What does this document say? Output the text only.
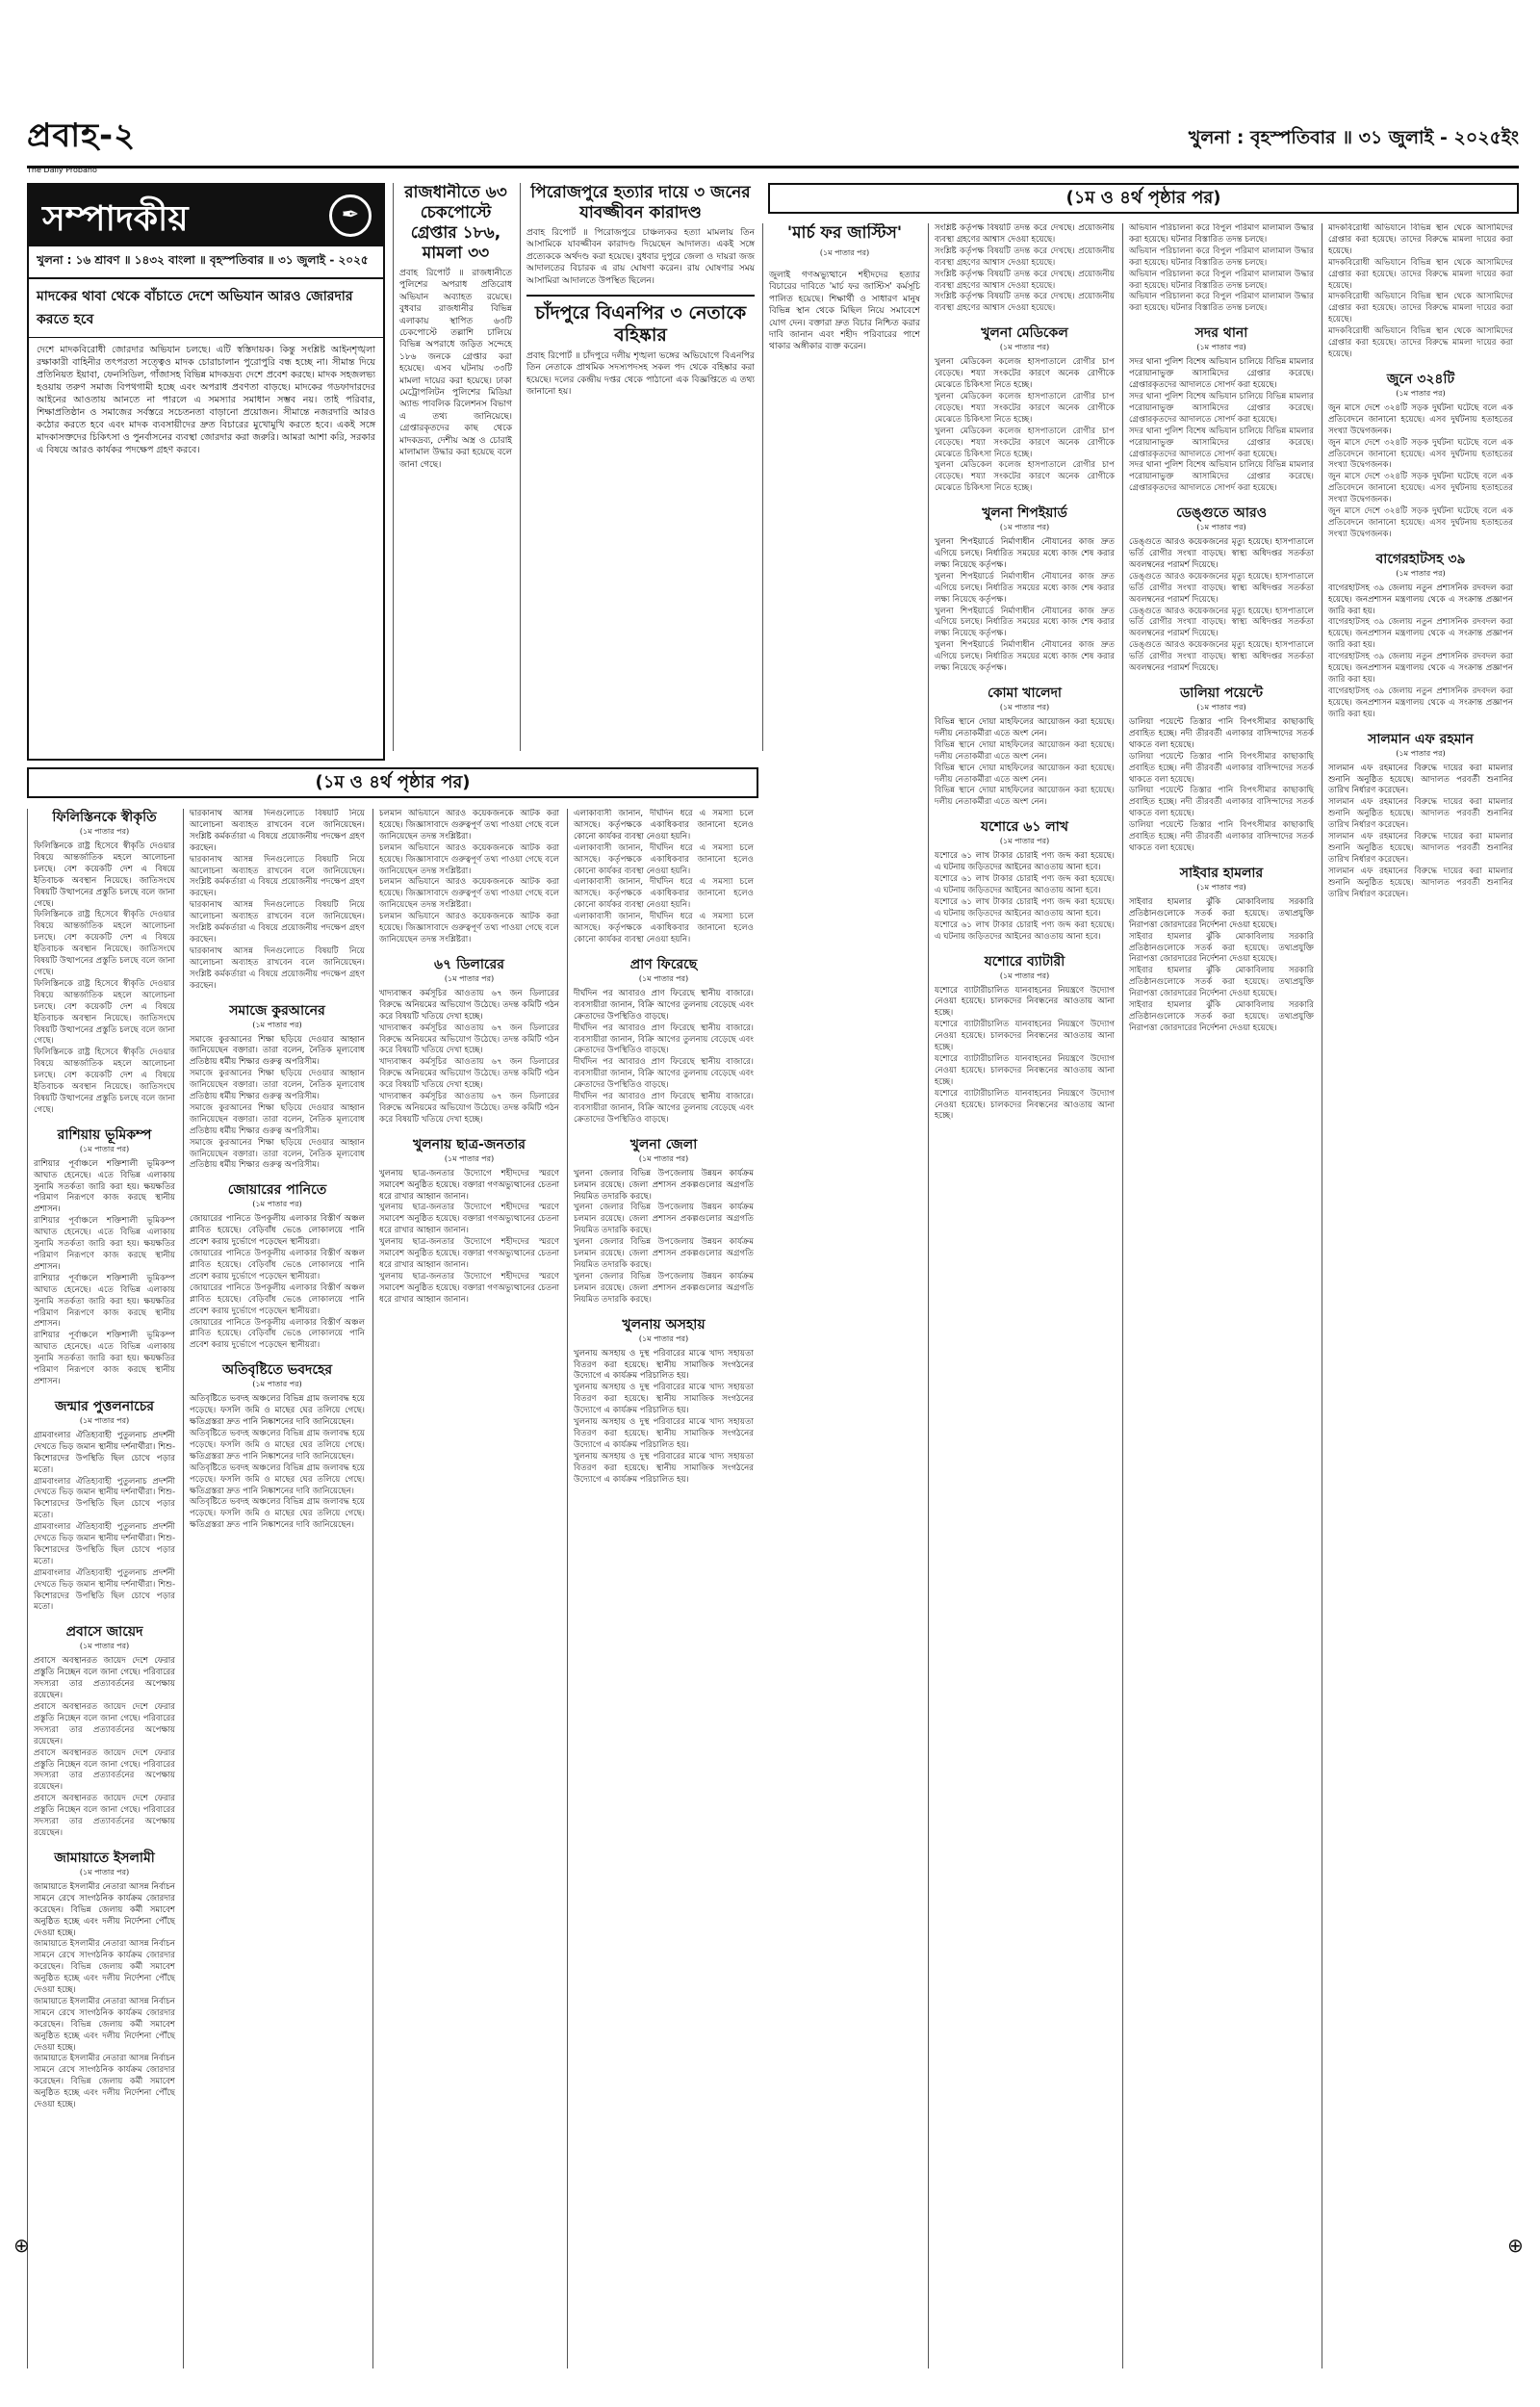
প্রবাহ-২
The Daily Probaho
খুলনা : বৃহস্পতিবার ॥ ৩১ জুলাই - ২০২৫ইং
সম্পাদকীয়	✒
খুলনা : ১৬ শ্রাবণ ॥ ১৪৩২ বাংলা ॥ বৃহস্পতিবার ॥ ৩১ জুলাই - ২০২৫
মাদকের থাবা থেকে বাঁচাতে দেশে অভিযান আরও জোরদার করতে হবে
দেশে মাদকবিরোধী জোরদার অভিযান চলছে। এটি স্বস্তিদায়ক। কিন্তু সংশ্লিষ্ট আইনশৃঙ্খলা রক্ষাকারী বাহিনীর তৎপরতা সত্ত্বেও মাদক চোরাচালান পুরোপুরি বন্ধ হচ্ছে না। সীমান্ত দিয়ে প্রতিনিয়ত ইয়াবা, ফেনসিডিল, গাঁজাসহ বিভিন্ন মাদকদ্রব্য দেশে প্রবেশ করছে। মাদক সহজলভ্য হওয়ায় তরুণ সমাজ বিপথগামী হচ্ছে এবং অপরাধ প্রবণতা বাড়ছে। মাদকের গডফাদারদের আইনের আওতায় আনতে না পারলে এ সমস্যার সমাধান সম্ভব নয়। তাই পরিবার, শিক্ষাপ্রতিষ্ঠান ও সমাজের সর্বস্তরে সচেতনতা বাড়ানো প্রয়োজন। সীমান্তে নজরদারি আরও কঠোর করতে হবে এবং মাদক ব্যবসায়ীদের দ্রুত বিচারের মুখোমুখি করতে হবে। একই সঙ্গে মাদকাসক্তদের চিকিৎসা ও পুনর্বাসনের ব্যবস্থা জোরদার করা জরুরি। আমরা আশা করি, সরকার এ বিষয়ে আরও কার্যকর পদক্ষেপ গ্রহণ করবে।
রাজধানীতে ৬৩ চেকপোস্টে গ্রেপ্তার ১৮৬, মামলা ৩৩

প্রবাহ রিপোর্ট ॥ রাজধানীতে পুলিশের অপরাধ প্রতিরোধ অভিযান অব্যাহত রয়েছে। বুধবার রাজধানীর বিভিন্ন এলাকায় স্থাপিত ৬৩টি চেকপোস্টে তল্লাশি চালিয়ে বিভিন্ন অপরাধে জড়িত সন্দেহে ১৮৬ জনকে গ্রেপ্তার করা হয়েছে। এসব ঘটনায় ৩৩টি মামলা দায়ের করা হয়েছে। ঢাকা মেট্রোপলিটন পুলিশের মিডিয়া অ্যান্ড পাবলিক রিলেশনস বিভাগ এ তথ্য জানিয়েছে। গ্রেপ্তারকৃতদের কাছ থেকে মাদকদ্রব্য, দেশীয় অস্ত্র ও চোরাই মালামাল উদ্ধার করা হয়েছে বলে জানা গেছে।

পিরোজপুরে হত্যার দায়ে ৩ জনের যাবজ্জীবন কারাদণ্ড

প্রবাহ রিপোর্ট ॥ পিরোজপুরে চাঞ্চল্যকর হত্যা মামলায় তিন আসামিকে যাবজ্জীবন কারাদণ্ড দিয়েছেন আদালত। একই সঙ্গে প্রত্যেককে অর্থদণ্ড করা হয়েছে। বুধবার দুপুরে জেলা ও দায়রা জজ আদালতের বিচারক এ রায় ঘোষণা করেন। রায় ঘোষণার সময় আসামিরা আদালতে উপস্থিত ছিলেন।

চাঁদপুরে বিএনপির ৩ নেতাকে বহিষ্কার

প্রবাহ রিপোর্ট ॥ চাঁদপুরে দলীয় শৃঙ্খলা ভঙ্গের অভিযোগে বিএনপির তিন নেতাকে প্রাথমিক সদস্যপদসহ সকল পদ থেকে বহিষ্কার করা হয়েছে। দলের কেন্দ্রীয় দপ্তর থেকে পাঠানো এক বিজ্ঞপ্তিতে এ তথ্য জানানো হয়।

'মার্চ ফর জাস্টিস'
(১ম পাতার পর)

জুলাই গণঅভ্যুত্থানে শহীদদের হত্যার বিচারের দাবিতে 'মার্চ ফর জাস্টিস' কর্মসূচি পালিত হয়েছে। শিক্ষার্থী ও সাধারণ মানুষ বিভিন্ন স্থান থেকে মিছিল নিয়ে সমাবেশে যোগ দেন। বক্তারা দ্রুত বিচার নিশ্চিত করার দাবি জানান এবং শহীদ পরিবারের পাশে থাকার অঙ্গীকার ব্যক্ত করেন।

(১ম ও ৪র্থ পৃষ্ঠার পর)
(১ম ও ৪র্থ পৃষ্ঠার পর)
ফিলিস্তিনকে স্বীকৃতি
(১ম পাতার পর)

ফিলিস্তিনকে রাষ্ট্র হিসেবে স্বীকৃতি দেওয়ার বিষয়ে আন্তর্জাতিক মহলে আলোচনা চলছে। বেশ কয়েকটি দেশ এ বিষয়ে ইতিবাচক অবস্থান নিয়েছে। জাতিসংঘে বিষয়টি উত্থাপনের প্রস্তুতি চলছে বলে জানা গেছে।

ফিলিস্তিনকে রাষ্ট্র হিসেবে স্বীকৃতি দেওয়ার বিষয়ে আন্তর্জাতিক মহলে আলোচনা চলছে। বেশ কয়েকটি দেশ এ বিষয়ে ইতিবাচক অবস্থান নিয়েছে। জাতিসংঘে বিষয়টি উত্থাপনের প্রস্তুতি চলছে বলে জানা গেছে।

ফিলিস্তিনকে রাষ্ট্র হিসেবে স্বীকৃতি দেওয়ার বিষয়ে আন্তর্জাতিক মহলে আলোচনা চলছে। বেশ কয়েকটি দেশ এ বিষয়ে ইতিবাচক অবস্থান নিয়েছে। জাতিসংঘে বিষয়টি উত্থাপনের প্রস্তুতি চলছে বলে জানা গেছে।

ফিলিস্তিনকে রাষ্ট্র হিসেবে স্বীকৃতি দেওয়ার বিষয়ে আন্তর্জাতিক মহলে আলোচনা চলছে। বেশ কয়েকটি দেশ এ বিষয়ে ইতিবাচক অবস্থান নিয়েছে। জাতিসংঘে বিষয়টি উত্থাপনের প্রস্তুতি চলছে বলে জানা গেছে।

রাশিয়ায় ভূমিকম্প
(১ম পাতার পর)

রাশিয়ার পূর্বাঞ্চলে শক্তিশালী ভূমিকম্প আঘাত হেনেছে। এতে বিভিন্ন এলাকায় সুনামি সতর্কতা জারি করা হয়। ক্ষয়ক্ষতির পরিমাণ নিরূপণে কাজ করছে স্থানীয় প্রশাসন।

রাশিয়ার পূর্বাঞ্চলে শক্তিশালী ভূমিকম্প আঘাত হেনেছে। এতে বিভিন্ন এলাকায় সুনামি সতর্কতা জারি করা হয়। ক্ষয়ক্ষতির পরিমাণ নিরূপণে কাজ করছে স্থানীয় প্রশাসন।

রাশিয়ার পূর্বাঞ্চলে শক্তিশালী ভূমিকম্প আঘাত হেনেছে। এতে বিভিন্ন এলাকায় সুনামি সতর্কতা জারি করা হয়। ক্ষয়ক্ষতির পরিমাণ নিরূপণে কাজ করছে স্থানীয় প্রশাসন।

রাশিয়ার পূর্বাঞ্চলে শক্তিশালী ভূমিকম্প আঘাত হেনেছে। এতে বিভিন্ন এলাকায় সুনামি সতর্কতা জারি করা হয়। ক্ষয়ক্ষতির পরিমাণ নিরূপণে কাজ করছে স্থানীয় প্রশাসন।

জন্মার পুত্তলনাচের
(১ম পাতার পর)

গ্রামবাংলার ঐতিহ্যবাহী পুতুলনাচ প্রদর্শনী দেখতে ভিড় জমান স্থানীয় দর্শনার্থীরা। শিশু-কিশোরদের উপস্থিতি ছিল চোখে পড়ার মতো।

গ্রামবাংলার ঐতিহ্যবাহী পুতুলনাচ প্রদর্শনী দেখতে ভিড় জমান স্থানীয় দর্শনার্থীরা। শিশু-কিশোরদের উপস্থিতি ছিল চোখে পড়ার মতো।

গ্রামবাংলার ঐতিহ্যবাহী পুতুলনাচ প্রদর্শনী দেখতে ভিড় জমান স্থানীয় দর্শনার্থীরা। শিশু-কিশোরদের উপস্থিতি ছিল চোখে পড়ার মতো।

গ্রামবাংলার ঐতিহ্যবাহী পুতুলনাচ প্রদর্শনী দেখতে ভিড় জমান স্থানীয় দর্শনার্থীরা। শিশু-কিশোরদের উপস্থিতি ছিল চোখে পড়ার মতো।

প্রবাসে জায়েদ
(১ম পাতার পর)

প্রবাসে অবস্থানরত জায়েদ দেশে ফেরার প্রস্তুতি নিচ্ছেন বলে জানা গেছে। পরিবারের সদস্যরা তার প্রত্যাবর্তনের অপেক্ষায় রয়েছেন।

প্রবাসে অবস্থানরত জায়েদ দেশে ফেরার প্রস্তুতি নিচ্ছেন বলে জানা গেছে। পরিবারের সদস্যরা তার প্রত্যাবর্তনের অপেক্ষায় রয়েছেন।

প্রবাসে অবস্থানরত জায়েদ দেশে ফেরার প্রস্তুতি নিচ্ছেন বলে জানা গেছে। পরিবারের সদস্যরা তার প্রত্যাবর্তনের অপেক্ষায় রয়েছেন।

প্রবাসে অবস্থানরত জায়েদ দেশে ফেরার প্রস্তুতি নিচ্ছেন বলে জানা গেছে। পরিবারের সদস্যরা তার প্রত্যাবর্তনের অপেক্ষায় রয়েছেন।

জামায়াতে ইসলামী
(১ম পাতার পর)

জামায়াতে ইসলামীর নেতারা আসন্ন নির্বাচন সামনে রেখে সাংগঠনিক কার্যক্রম জোরদার করেছেন। বিভিন্ন জেলায় কর্মী সমাবেশ অনুষ্ঠিত হচ্ছে এবং দলীয় নির্দেশনা পৌঁছে দেওয়া হচ্ছে।

জামায়াতে ইসলামীর নেতারা আসন্ন নির্বাচন সামনে রেখে সাংগঠনিক কার্যক্রম জোরদার করেছেন। বিভিন্ন জেলায় কর্মী সমাবেশ অনুষ্ঠিত হচ্ছে এবং দলীয় নির্দেশনা পৌঁছে দেওয়া হচ্ছে।

জামায়াতে ইসলামীর নেতারা আসন্ন নির্বাচন সামনে রেখে সাংগঠনিক কার্যক্রম জোরদার করেছেন। বিভিন্ন জেলায় কর্মী সমাবেশ অনুষ্ঠিত হচ্ছে এবং দলীয় নির্দেশনা পৌঁছে দেওয়া হচ্ছে।

জামায়াতে ইসলামীর নেতারা আসন্ন নির্বাচন সামনে রেখে সাংগঠনিক কার্যক্রম জোরদার করেছেন। বিভিন্ন জেলায় কর্মী সমাবেশ অনুষ্ঠিত হচ্ছে এবং দলীয় নির্দেশনা পৌঁছে দেওয়া হচ্ছে।

দ্বারকানাথ আসন্ন দিনগুলোতে বিষয়টি নিয়ে আলোচনা অব্যাহত রাখবেন বলে জানিয়েছেন। সংশ্লিষ্ট কর্মকর্তারা এ বিষয়ে প্রয়োজনীয় পদক্ষেপ গ্রহণ করছেন।

দ্বারকানাথ আসন্ন দিনগুলোতে বিষয়টি নিয়ে আলোচনা অব্যাহত রাখবেন বলে জানিয়েছেন। সংশ্লিষ্ট কর্মকর্তারা এ বিষয়ে প্রয়োজনীয় পদক্ষেপ গ্রহণ করছেন।

দ্বারকানাথ আসন্ন দিনগুলোতে বিষয়টি নিয়ে আলোচনা অব্যাহত রাখবেন বলে জানিয়েছেন। সংশ্লিষ্ট কর্মকর্তারা এ বিষয়ে প্রয়োজনীয় পদক্ষেপ গ্রহণ করছেন।

দ্বারকানাথ আসন্ন দিনগুলোতে বিষয়টি নিয়ে আলোচনা অব্যাহত রাখবেন বলে জানিয়েছেন। সংশ্লিষ্ট কর্মকর্তারা এ বিষয়ে প্রয়োজনীয় পদক্ষেপ গ্রহণ করছেন।

সমাজে কুরআনের
(১ম পাতার পর)

সমাজে কুরআনের শিক্ষা ছড়িয়ে দেওয়ার আহ্বান জানিয়েছেন বক্তারা। তারা বলেন, নৈতিক মূল্যবোধ প্রতিষ্ঠায় ধর্মীয় শিক্ষার গুরুত্ব অপরিসীম।

সমাজে কুরআনের শিক্ষা ছড়িয়ে দেওয়ার আহ্বান জানিয়েছেন বক্তারা। তারা বলেন, নৈতিক মূল্যবোধ প্রতিষ্ঠায় ধর্মীয় শিক্ষার গুরুত্ব অপরিসীম।

সমাজে কুরআনের শিক্ষা ছড়িয়ে দেওয়ার আহ্বান জানিয়েছেন বক্তারা। তারা বলেন, নৈতিক মূল্যবোধ প্রতিষ্ঠায় ধর্মীয় শিক্ষার গুরুত্ব অপরিসীম।

সমাজে কুরআনের শিক্ষা ছড়িয়ে দেওয়ার আহ্বান জানিয়েছেন বক্তারা। তারা বলেন, নৈতিক মূল্যবোধ প্রতিষ্ঠায় ধর্মীয় শিক্ষার গুরুত্ব অপরিসীম।

জোয়ারের পানিতে
(১ম পাতার পর)

জোয়ারের পানিতে উপকূলীয় এলাকার বিস্তীর্ণ অঞ্চল প্লাবিত হয়েছে। বেড়িবাঁধ ভেঙে লোকালয়ে পানি প্রবেশ করায় দুর্ভোগে পড়েছেন স্থানীয়রা।

জোয়ারের পানিতে উপকূলীয় এলাকার বিস্তীর্ণ অঞ্চল প্লাবিত হয়েছে। বেড়িবাঁধ ভেঙে লোকালয়ে পানি প্রবেশ করায় দুর্ভোগে পড়েছেন স্থানীয়রা।

জোয়ারের পানিতে উপকূলীয় এলাকার বিস্তীর্ণ অঞ্চল প্লাবিত হয়েছে। বেড়িবাঁধ ভেঙে লোকালয়ে পানি প্রবেশ করায় দুর্ভোগে পড়েছেন স্থানীয়রা।

জোয়ারের পানিতে উপকূলীয় এলাকার বিস্তীর্ণ অঞ্চল প্লাবিত হয়েছে। বেড়িবাঁধ ভেঙে লোকালয়ে পানি প্রবেশ করায় দুর্ভোগে পড়েছেন স্থানীয়রা।

অতিবৃষ্টিতে ভবদহের
(১ম পাতার পর)

অতিবৃষ্টিতে ভবদহ অঞ্চলের বিভিন্ন গ্রাম জলাবদ্ধ হয়ে পড়েছে। ফসলি জমি ও মাছের ঘের তলিয়ে গেছে। ক্ষতিগ্রস্তরা দ্রুত পানি নিষ্কাশনের দাবি জানিয়েছেন।

অতিবৃষ্টিতে ভবদহ অঞ্চলের বিভিন্ন গ্রাম জলাবদ্ধ হয়ে পড়েছে। ফসলি জমি ও মাছের ঘের তলিয়ে গেছে। ক্ষতিগ্রস্তরা দ্রুত পানি নিষ্কাশনের দাবি জানিয়েছেন।

অতিবৃষ্টিতে ভবদহ অঞ্চলের বিভিন্ন গ্রাম জলাবদ্ধ হয়ে পড়েছে। ফসলি জমি ও মাছের ঘের তলিয়ে গেছে। ক্ষতিগ্রস্তরা দ্রুত পানি নিষ্কাশনের দাবি জানিয়েছেন।

অতিবৃষ্টিতে ভবদহ অঞ্চলের বিভিন্ন গ্রাম জলাবদ্ধ হয়ে পড়েছে। ফসলি জমি ও মাছের ঘের তলিয়ে গেছে। ক্ষতিগ্রস্তরা দ্রুত পানি নিষ্কাশনের দাবি জানিয়েছেন।

চলমান অভিযানে আরও কয়েকজনকে আটক করা হয়েছে। জিজ্ঞাসাবাদে গুরুত্বপূর্ণ তথ্য পাওয়া গেছে বলে জানিয়েছেন তদন্ত সংশ্লিষ্টরা।

চলমান অভিযানে আরও কয়েকজনকে আটক করা হয়েছে। জিজ্ঞাসাবাদে গুরুত্বপূর্ণ তথ্য পাওয়া গেছে বলে জানিয়েছেন তদন্ত সংশ্লিষ্টরা।

চলমান অভিযানে আরও কয়েকজনকে আটক করা হয়েছে। জিজ্ঞাসাবাদে গুরুত্বপূর্ণ তথ্য পাওয়া গেছে বলে জানিয়েছেন তদন্ত সংশ্লিষ্টরা।

চলমান অভিযানে আরও কয়েকজনকে আটক করা হয়েছে। জিজ্ঞাসাবাদে গুরুত্বপূর্ণ তথ্য পাওয়া গেছে বলে জানিয়েছেন তদন্ত সংশ্লিষ্টরা।

৬৭ ডিলারের
(১ম পাতার পর)

খাদ্যবান্ধব কর্মসূচির আওতায় ৬৭ জন ডিলারের বিরুদ্ধে অনিয়মের অভিযোগ উঠেছে। তদন্ত কমিটি গঠন করে বিষয়টি খতিয়ে দেখা হচ্ছে।

খাদ্যবান্ধব কর্মসূচির আওতায় ৬৭ জন ডিলারের বিরুদ্ধে অনিয়মের অভিযোগ উঠেছে। তদন্ত কমিটি গঠন করে বিষয়টি খতিয়ে দেখা হচ্ছে।

খাদ্যবান্ধব কর্মসূচির আওতায় ৬৭ জন ডিলারের বিরুদ্ধে অনিয়মের অভিযোগ উঠেছে। তদন্ত কমিটি গঠন করে বিষয়টি খতিয়ে দেখা হচ্ছে।

খাদ্যবান্ধব কর্মসূচির আওতায় ৬৭ জন ডিলারের বিরুদ্ধে অনিয়মের অভিযোগ উঠেছে। তদন্ত কমিটি গঠন করে বিষয়টি খতিয়ে দেখা হচ্ছে।

খুলনায় ছাত্র-জনতার
(১ম পাতার পর)

খুলনায় ছাত্র-জনতার উদ্যোগে শহীদদের স্মরণে সমাবেশ অনুষ্ঠিত হয়েছে। বক্তারা গণঅভ্যুত্থানের চেতনা ধরে রাখার আহ্বান জানান।

খুলনায় ছাত্র-জনতার উদ্যোগে শহীদদের স্মরণে সমাবেশ অনুষ্ঠিত হয়েছে। বক্তারা গণঅভ্যুত্থানের চেতনা ধরে রাখার আহ্বান জানান।

খুলনায় ছাত্র-জনতার উদ্যোগে শহীদদের স্মরণে সমাবেশ অনুষ্ঠিত হয়েছে। বক্তারা গণঅভ্যুত্থানের চেতনা ধরে রাখার আহ্বান জানান।

খুলনায় ছাত্র-জনতার উদ্যোগে শহীদদের স্মরণে সমাবেশ অনুষ্ঠিত হয়েছে। বক্তারা গণঅভ্যুত্থানের চেতনা ধরে রাখার আহ্বান জানান।

এলাকাবাসী জানান, দীর্ঘদিন ধরে এ সমস্যা চলে আসছে। কর্তৃপক্ষকে একাধিকবার জানানো হলেও কোনো কার্যকর ব্যবস্থা নেওয়া হয়নি।

এলাকাবাসী জানান, দীর্ঘদিন ধরে এ সমস্যা চলে আসছে। কর্তৃপক্ষকে একাধিকবার জানানো হলেও কোনো কার্যকর ব্যবস্থা নেওয়া হয়নি।

এলাকাবাসী জানান, দীর্ঘদিন ধরে এ সমস্যা চলে আসছে। কর্তৃপক্ষকে একাধিকবার জানানো হলেও কোনো কার্যকর ব্যবস্থা নেওয়া হয়নি।

এলাকাবাসী জানান, দীর্ঘদিন ধরে এ সমস্যা চলে আসছে। কর্তৃপক্ষকে একাধিকবার জানানো হলেও কোনো কার্যকর ব্যবস্থা নেওয়া হয়নি।

প্রাণ ফিরেছে
(১ম পাতার পর)

দীর্ঘদিন পর আবারও প্রাণ ফিরেছে স্থানীয় বাজারে। ব্যবসায়ীরা জানান, বিক্রি আগের তুলনায় বেড়েছে এবং ক্রেতাদের উপস্থিতিও বাড়ছে।

দীর্ঘদিন পর আবারও প্রাণ ফিরেছে স্থানীয় বাজারে। ব্যবসায়ীরা জানান, বিক্রি আগের তুলনায় বেড়েছে এবং ক্রেতাদের উপস্থিতিও বাড়ছে।

দীর্ঘদিন পর আবারও প্রাণ ফিরেছে স্থানীয় বাজারে। ব্যবসায়ীরা জানান, বিক্রি আগের তুলনায় বেড়েছে এবং ক্রেতাদের উপস্থিতিও বাড়ছে।

দীর্ঘদিন পর আবারও প্রাণ ফিরেছে স্থানীয় বাজারে। ব্যবসায়ীরা জানান, বিক্রি আগের তুলনায় বেড়েছে এবং ক্রেতাদের উপস্থিতিও বাড়ছে।

খুলনা জেলা
(১ম পাতার পর)

খুলনা জেলার বিভিন্ন উপজেলায় উন্নয়ন কার্যক্রম চলমান রয়েছে। জেলা প্রশাসন প্রকল্পগুলোর অগ্রগতি নিয়মিত তদারকি করছে।

খুলনা জেলার বিভিন্ন উপজেলায় উন্নয়ন কার্যক্রম চলমান রয়েছে। জেলা প্রশাসন প্রকল্পগুলোর অগ্রগতি নিয়মিত তদারকি করছে।

খুলনা জেলার বিভিন্ন উপজেলায় উন্নয়ন কার্যক্রম চলমান রয়েছে। জেলা প্রশাসন প্রকল্পগুলোর অগ্রগতি নিয়মিত তদারকি করছে।

খুলনা জেলার বিভিন্ন উপজেলায় উন্নয়ন কার্যক্রম চলমান রয়েছে। জেলা প্রশাসন প্রকল্পগুলোর অগ্রগতি নিয়মিত তদারকি করছে।

খুলনায় অসহায়
(১ম পাতার পর)

খুলনায় অসহায় ও দুস্থ পরিবারের মাঝে খাদ্য সহায়তা বিতরণ করা হয়েছে। স্থানীয় সামাজিক সংগঠনের উদ্যোগে এ কার্যক্রম পরিচালিত হয়।

খুলনায় অসহায় ও দুস্থ পরিবারের মাঝে খাদ্য সহায়তা বিতরণ করা হয়েছে। স্থানীয় সামাজিক সংগঠনের উদ্যোগে এ কার্যক্রম পরিচালিত হয়।

খুলনায় অসহায় ও দুস্থ পরিবারের মাঝে খাদ্য সহায়তা বিতরণ করা হয়েছে। স্থানীয় সামাজিক সংগঠনের উদ্যোগে এ কার্যক্রম পরিচালিত হয়।

খুলনায় অসহায় ও দুস্থ পরিবারের মাঝে খাদ্য সহায়তা বিতরণ করা হয়েছে। স্থানীয় সামাজিক সংগঠনের উদ্যোগে এ কার্যক্রম পরিচালিত হয়।

সংশ্লিষ্ট কর্তৃপক্ষ বিষয়টি তদন্ত করে দেখছে। প্রয়োজনীয় ব্যবস্থা গ্রহণের আশ্বাস দেওয়া হয়েছে।

সংশ্লিষ্ট কর্তৃপক্ষ বিষয়টি তদন্ত করে দেখছে। প্রয়োজনীয় ব্যবস্থা গ্রহণের আশ্বাস দেওয়া হয়েছে।

সংশ্লিষ্ট কর্তৃপক্ষ বিষয়টি তদন্ত করে দেখছে। প্রয়োজনীয় ব্যবস্থা গ্রহণের আশ্বাস দেওয়া হয়েছে।

সংশ্লিষ্ট কর্তৃপক্ষ বিষয়টি তদন্ত করে দেখছে। প্রয়োজনীয় ব্যবস্থা গ্রহণের আশ্বাস দেওয়া হয়েছে।

খুলনা মেডিকেল
(১ম পাতার পর)

খুলনা মেডিকেল কলেজ হাসপাতালে রোগীর চাপ বেড়েছে। শয্যা সংকটের কারণে অনেক রোগীকে মেঝেতে চিকিৎসা নিতে হচ্ছে।

খুলনা মেডিকেল কলেজ হাসপাতালে রোগীর চাপ বেড়েছে। শয্যা সংকটের কারণে অনেক রোগীকে মেঝেতে চিকিৎসা নিতে হচ্ছে।

খুলনা মেডিকেল কলেজ হাসপাতালে রোগীর চাপ বেড়েছে। শয্যা সংকটের কারণে অনেক রোগীকে মেঝেতে চিকিৎসা নিতে হচ্ছে।

খুলনা মেডিকেল কলেজ হাসপাতালে রোগীর চাপ বেড়েছে। শয্যা সংকটের কারণে অনেক রোগীকে মেঝেতে চিকিৎসা নিতে হচ্ছে।

খুলনা শিপইয়ার্ড
(১ম পাতার পর)

খুলনা শিপইয়ার্ডে নির্মাণাধীন নৌযানের কাজ দ্রুত এগিয়ে চলছে। নির্ধারিত সময়ের মধ্যে কাজ শেষ করার লক্ষ্য নিয়েছে কর্তৃপক্ষ।

খুলনা শিপইয়ার্ডে নির্মাণাধীন নৌযানের কাজ দ্রুত এগিয়ে চলছে। নির্ধারিত সময়ের মধ্যে কাজ শেষ করার লক্ষ্য নিয়েছে কর্তৃপক্ষ।

খুলনা শিপইয়ার্ডে নির্মাণাধীন নৌযানের কাজ দ্রুত এগিয়ে চলছে। নির্ধারিত সময়ের মধ্যে কাজ শেষ করার লক্ষ্য নিয়েছে কর্তৃপক্ষ।

খুলনা শিপইয়ার্ডে নির্মাণাধীন নৌযানের কাজ দ্রুত এগিয়ে চলছে। নির্ধারিত সময়ের মধ্যে কাজ শেষ করার লক্ষ্য নিয়েছে কর্তৃপক্ষ।

কোমা খালেদা
(১ম পাতার পর)

বিভিন্ন স্থানে দোয়া মাহফিলের আয়োজন করা হয়েছে। দলীয় নেতাকর্মীরা এতে অংশ নেন।

বিভিন্ন স্থানে দোয়া মাহফিলের আয়োজন করা হয়েছে। দলীয় নেতাকর্মীরা এতে অংশ নেন।

বিভিন্ন স্থানে দোয়া মাহফিলের আয়োজন করা হয়েছে। দলীয় নেতাকর্মীরা এতে অংশ নেন।

বিভিন্ন স্থানে দোয়া মাহফিলের আয়োজন করা হয়েছে। দলীয় নেতাকর্মীরা এতে অংশ নেন।

যশোরে ৬১ লাখ
(১ম পাতার পর)

যশোরে ৬১ লাখ টাকার চোরাই পণ্য জব্দ করা হয়েছে। এ ঘটনায় জড়িতদের আইনের আওতায় আনা হবে।

যশোরে ৬১ লাখ টাকার চোরাই পণ্য জব্দ করা হয়েছে। এ ঘটনায় জড়িতদের আইনের আওতায় আনা হবে।

যশোরে ৬১ লাখ টাকার চোরাই পণ্য জব্দ করা হয়েছে। এ ঘটনায় জড়িতদের আইনের আওতায় আনা হবে।

যশোরে ৬১ লাখ টাকার চোরাই পণ্য জব্দ করা হয়েছে। এ ঘটনায় জড়িতদের আইনের আওতায় আনা হবে।

যশোরে ব্যাটারী
(১ম পাতার পর)

যশোরে ব্যাটারীচালিত যানবাহনের নিয়ন্ত্রণে উদ্যোগ নেওয়া হয়েছে। চালকদের নিবন্ধনের আওতায় আনা হচ্ছে।

যশোরে ব্যাটারীচালিত যানবাহনের নিয়ন্ত্রণে উদ্যোগ নেওয়া হয়েছে। চালকদের নিবন্ধনের আওতায় আনা হচ্ছে।

যশোরে ব্যাটারীচালিত যানবাহনের নিয়ন্ত্রণে উদ্যোগ নেওয়া হয়েছে। চালকদের নিবন্ধনের আওতায় আনা হচ্ছে।

যশোরে ব্যাটারীচালিত যানবাহনের নিয়ন্ত্রণে উদ্যোগ নেওয়া হয়েছে। চালকদের নিবন্ধনের আওতায় আনা হচ্ছে।

অভিযান পরিচালনা করে বিপুল পরিমাণ মালামাল উদ্ধার করা হয়েছে। ঘটনার বিস্তারিত তদন্ত চলছে।

অভিযান পরিচালনা করে বিপুল পরিমাণ মালামাল উদ্ধার করা হয়েছে। ঘটনার বিস্তারিত তদন্ত চলছে।

অভিযান পরিচালনা করে বিপুল পরিমাণ মালামাল উদ্ধার করা হয়েছে। ঘটনার বিস্তারিত তদন্ত চলছে।

অভিযান পরিচালনা করে বিপুল পরিমাণ মালামাল উদ্ধার করা হয়েছে। ঘটনার বিস্তারিত তদন্ত চলছে।

সদর থানা
(১ম পাতার পর)

সদর থানা পুলিশ বিশেষ অভিযান চালিয়ে বিভিন্ন মামলার পরোয়ানাভুক্ত আসামিদের গ্রেপ্তার করেছে। গ্রেপ্তারকৃতদের আদালতে সোপর্দ করা হয়েছে।

সদর থানা পুলিশ বিশেষ অভিযান চালিয়ে বিভিন্ন মামলার পরোয়ানাভুক্ত আসামিদের গ্রেপ্তার করেছে। গ্রেপ্তারকৃতদের আদালতে সোপর্দ করা হয়েছে।

সদর থানা পুলিশ বিশেষ অভিযান চালিয়ে বিভিন্ন মামলার পরোয়ানাভুক্ত আসামিদের গ্রেপ্তার করেছে। গ্রেপ্তারকৃতদের আদালতে সোপর্দ করা হয়েছে।

সদর থানা পুলিশ বিশেষ অভিযান চালিয়ে বিভিন্ন মামলার পরোয়ানাভুক্ত আসামিদের গ্রেপ্তার করেছে। গ্রেপ্তারকৃতদের আদালতে সোপর্দ করা হয়েছে।

ডেঙ্গুতে আরও
(১ম পাতার পর)

ডেঙ্গুতে আরও কয়েকজনের মৃত্যু হয়েছে। হাসপাতালে ভর্তি রোগীর সংখ্যা বাড়ছে। স্বাস্থ্য অধিদপ্তর সতর্কতা অবলম্বনের পরামর্শ দিয়েছে।

ডেঙ্গুতে আরও কয়েকজনের মৃত্যু হয়েছে। হাসপাতালে ভর্তি রোগীর সংখ্যা বাড়ছে। স্বাস্থ্য অধিদপ্তর সতর্কতা অবলম্বনের পরামর্শ দিয়েছে।

ডেঙ্গুতে আরও কয়েকজনের মৃত্যু হয়েছে। হাসপাতালে ভর্তি রোগীর সংখ্যা বাড়ছে। স্বাস্থ্য অধিদপ্তর সতর্কতা অবলম্বনের পরামর্শ দিয়েছে।

ডেঙ্গুতে আরও কয়েকজনের মৃত্যু হয়েছে। হাসপাতালে ভর্তি রোগীর সংখ্যা বাড়ছে। স্বাস্থ্য অধিদপ্তর সতর্কতা অবলম্বনের পরামর্শ দিয়েছে।

ডালিয়া পয়েন্টে
(১ম পাতার পর)

ডালিয়া পয়েন্টে তিস্তার পানি বিপৎসীমার কাছাকাছি প্রবাহিত হচ্ছে। নদী তীরবর্তী এলাকার বাসিন্দাদের সতর্ক থাকতে বলা হয়েছে।

ডালিয়া পয়েন্টে তিস্তার পানি বিপৎসীমার কাছাকাছি প্রবাহিত হচ্ছে। নদী তীরবর্তী এলাকার বাসিন্দাদের সতর্ক থাকতে বলা হয়েছে।

ডালিয়া পয়েন্টে তিস্তার পানি বিপৎসীমার কাছাকাছি প্রবাহিত হচ্ছে। নদী তীরবর্তী এলাকার বাসিন্দাদের সতর্ক থাকতে বলা হয়েছে।

ডালিয়া পয়েন্টে তিস্তার পানি বিপৎসীমার কাছাকাছি প্রবাহিত হচ্ছে। নদী তীরবর্তী এলাকার বাসিন্দাদের সতর্ক থাকতে বলা হয়েছে।

সাইবার হামলার
(১ম পাতার পর)

সাইবার হামলার ঝুঁকি মোকাবিলায় সরকারি প্রতিষ্ঠানগুলোকে সতর্ক করা হয়েছে। তথ্যপ্রযুক্তি নিরাপত্তা জোরদারের নির্দেশনা দেওয়া হয়েছে।

সাইবার হামলার ঝুঁকি মোকাবিলায় সরকারি প্রতিষ্ঠানগুলোকে সতর্ক করা হয়েছে। তথ্যপ্রযুক্তি নিরাপত্তা জোরদারের নির্দেশনা দেওয়া হয়েছে।

সাইবার হামলার ঝুঁকি মোকাবিলায় সরকারি প্রতিষ্ঠানগুলোকে সতর্ক করা হয়েছে। তথ্যপ্রযুক্তি নিরাপত্তা জোরদারের নির্দেশনা দেওয়া হয়েছে।

সাইবার হামলার ঝুঁকি মোকাবিলায় সরকারি প্রতিষ্ঠানগুলোকে সতর্ক করা হয়েছে। তথ্যপ্রযুক্তি নিরাপত্তা জোরদারের নির্দেশনা দেওয়া হয়েছে।

মাদকবিরোধী অভিযানে বিভিন্ন স্থান থেকে আসামিদের গ্রেপ্তার করা হয়েছে। তাদের বিরুদ্ধে মামলা দায়ের করা হয়েছে।

মাদকবিরোধী অভিযানে বিভিন্ন স্থান থেকে আসামিদের গ্রেপ্তার করা হয়েছে। তাদের বিরুদ্ধে মামলা দায়ের করা হয়েছে।

মাদকবিরোধী অভিযানে বিভিন্ন স্থান থেকে আসামিদের গ্রেপ্তার করা হয়েছে। তাদের বিরুদ্ধে মামলা দায়ের করা হয়েছে।

মাদকবিরোধী অভিযানে বিভিন্ন স্থান থেকে আসামিদের গ্রেপ্তার করা হয়েছে। তাদের বিরুদ্ধে মামলা দায়ের করা হয়েছে।

জুনে ৩২৪টি
(১ম পাতার পর)

জুন মাসে দেশে ৩২৪টি সড়ক দুর্ঘটনা ঘটেছে বলে এক প্রতিবেদনে জানানো হয়েছে। এসব দুর্ঘটনায় হতাহতের সংখ্যা উদ্বেগজনক।

জুন মাসে দেশে ৩২৪টি সড়ক দুর্ঘটনা ঘটেছে বলে এক প্রতিবেদনে জানানো হয়েছে। এসব দুর্ঘটনায় হতাহতের সংখ্যা উদ্বেগজনক।

জুন মাসে দেশে ৩২৪টি সড়ক দুর্ঘটনা ঘটেছে বলে এক প্রতিবেদনে জানানো হয়েছে। এসব দুর্ঘটনায় হতাহতের সংখ্যা উদ্বেগজনক।

জুন মাসে দেশে ৩২৪টি সড়ক দুর্ঘটনা ঘটেছে বলে এক প্রতিবেদনে জানানো হয়েছে। এসব দুর্ঘটনায় হতাহতের সংখ্যা উদ্বেগজনক।

বাগেরহাটসহ ৩৯
(১ম পাতার পর)

বাগেরহাটসহ ৩৯ জেলায় নতুন প্রশাসনিক রদবদল করা হয়েছে। জনপ্রশাসন মন্ত্রণালয় থেকে এ সংক্রান্ত প্রজ্ঞাপন জারি করা হয়।

বাগেরহাটসহ ৩৯ জেলায় নতুন প্রশাসনিক রদবদল করা হয়েছে। জনপ্রশাসন মন্ত্রণালয় থেকে এ সংক্রান্ত প্রজ্ঞাপন জারি করা হয়।

বাগেরহাটসহ ৩৯ জেলায় নতুন প্রশাসনিক রদবদল করা হয়েছে। জনপ্রশাসন মন্ত্রণালয় থেকে এ সংক্রান্ত প্রজ্ঞাপন জারি করা হয়।

বাগেরহাটসহ ৩৯ জেলায় নতুন প্রশাসনিক রদবদল করা হয়েছে। জনপ্রশাসন মন্ত্রণালয় থেকে এ সংক্রান্ত প্রজ্ঞাপন জারি করা হয়।

সালমান এফ রহমান
(১ম পাতার পর)

সালমান এফ রহমানের বিরুদ্ধে দায়ের করা মামলার শুনানি অনুষ্ঠিত হয়েছে। আদালত পরবর্তী শুনানির তারিখ নির্ধারণ করেছেন।

সালমান এফ রহমানের বিরুদ্ধে দায়ের করা মামলার শুনানি অনুষ্ঠিত হয়েছে। আদালত পরবর্তী শুনানির তারিখ নির্ধারণ করেছেন।

সালমান এফ রহমানের বিরুদ্ধে দায়ের করা মামলার শুনানি অনুষ্ঠিত হয়েছে। আদালত পরবর্তী শুনানির তারিখ নির্ধারণ করেছেন।

সালমান এফ রহমানের বিরুদ্ধে দায়ের করা মামলার শুনানি অনুষ্ঠিত হয়েছে। আদালত পরবর্তী শুনানির তারিখ নির্ধারণ করেছেন।

⊕	⊕
